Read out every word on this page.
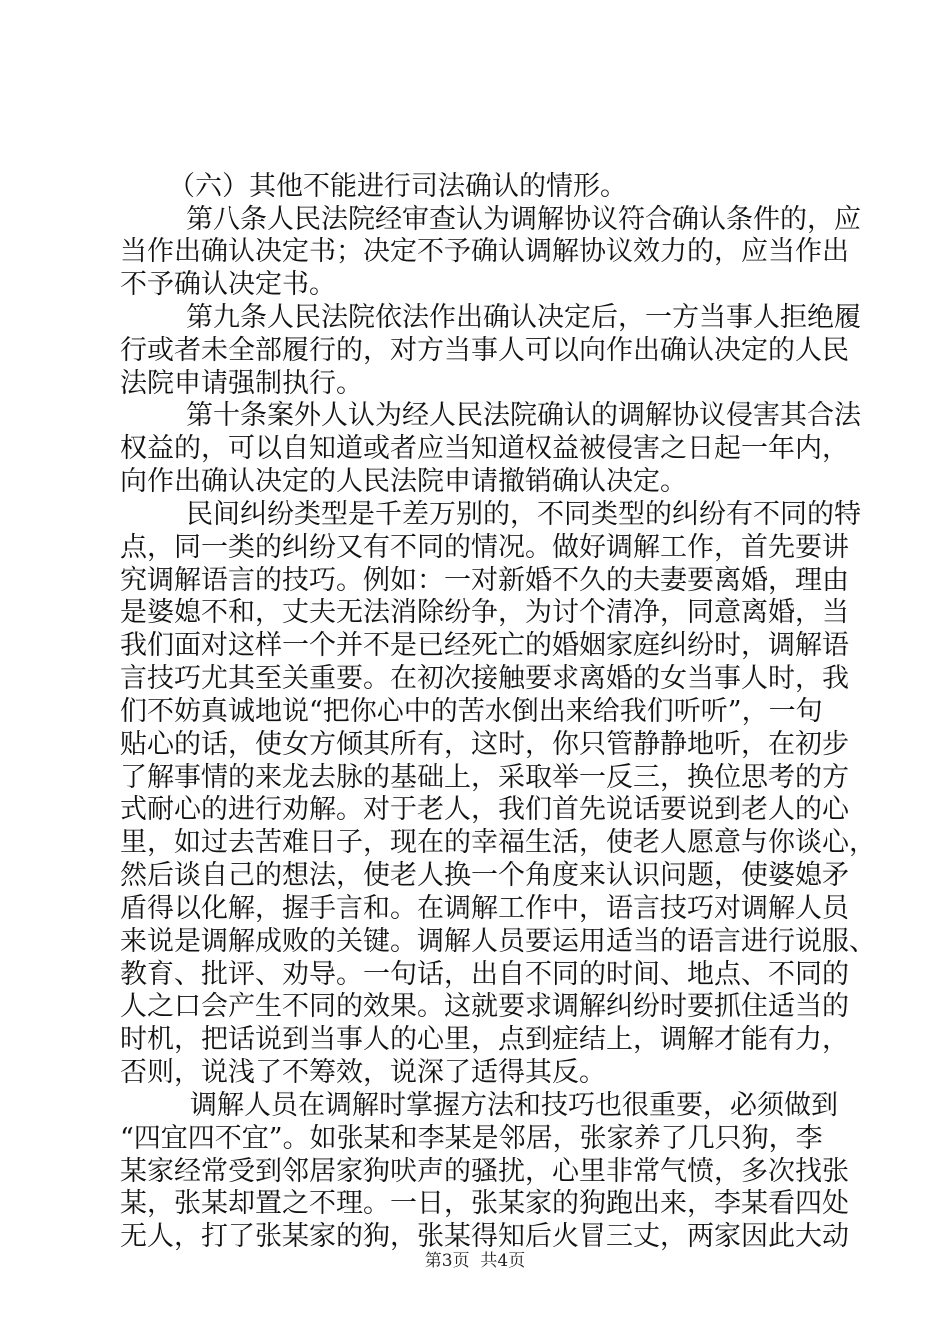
（六）其他不能进行司法确认的情形。
第八条人民法院经审查认为调解协议符合确认条件的，应
当作出确认决定书；决定不予确认调解协议效力的，应当作出
不予确认决定书。
第九条人民法院依法作出确认决定后，一方当事人拒绝履
行或者未全部履行的，对方当事人可以向作出确认决定的人民
法院申请强制执行。
第十条案外人认为经人民法院确认的调解协议侵害其合法
权益的，可以自知道或者应当知道权益被侵害之日起一年内，
向作出确认决定的人民法院申请撤销确认决定。
民间纠纷类型是千差万别的，不同类型的纠纷有不同的特
点，同一类的纠纷又有不同的情况。做好调解工作，首先要讲
究调解语言的技巧。例如：一对新婚不久的夫妻要离婚，理由
是婆媳不和，丈夫无法消除纷争，为讨个清净，同意离婚，当
我们面对这样一个并不是已经死亡的婚姻家庭纠纷时，调解语
言技巧尤其至关重要。在初次接触要求离婚的女当事人时，我
们不妨真诚地说“把你心中的苦水倒出来给我们听听”，一句
贴心的话，使女方倾其所有，这时，你只管静静地听，在初步
了解事情的来龙去脉的基础上，采取举一反三，换位思考的方
式耐心的进行劝解。对于老人，我们首先说话要说到老人的心
里，如过去苦难日子，现在的幸福生活，使老人愿意与你谈心，
然后谈自己的想法，使老人换一个角度来认识问题，使婆媳矛
盾得以化解，握手言和。在调解工作中，语言技巧对调解人员
来说是调解成败的关键。调解人员要运用适当的语言进行说服、
教育、批评、劝导。一句话，出自不同的时间、地点、不同的
人之口会产生不同的效果。这就要求调解纠纷时要抓住适当的
时机，把话说到当事人的心里，点到症结上，调解才能有力，
否则，说浅了不筹效，说深了适得其反。
调解人员在调解时掌握方法和技巧也很重要，必须做到
“四宜四不宜”。如张某和李某是邻居，张家养了几只狗，李
某家经常受到邻居家狗吠声的骚扰，心里非常气愤，多次找张
某，张某却置之不理。一日，张某家的狗跑出来，李某看四处
无人，打了张某家的狗，张某得知后火冒三丈，两家因此大动
第3页 共4页
